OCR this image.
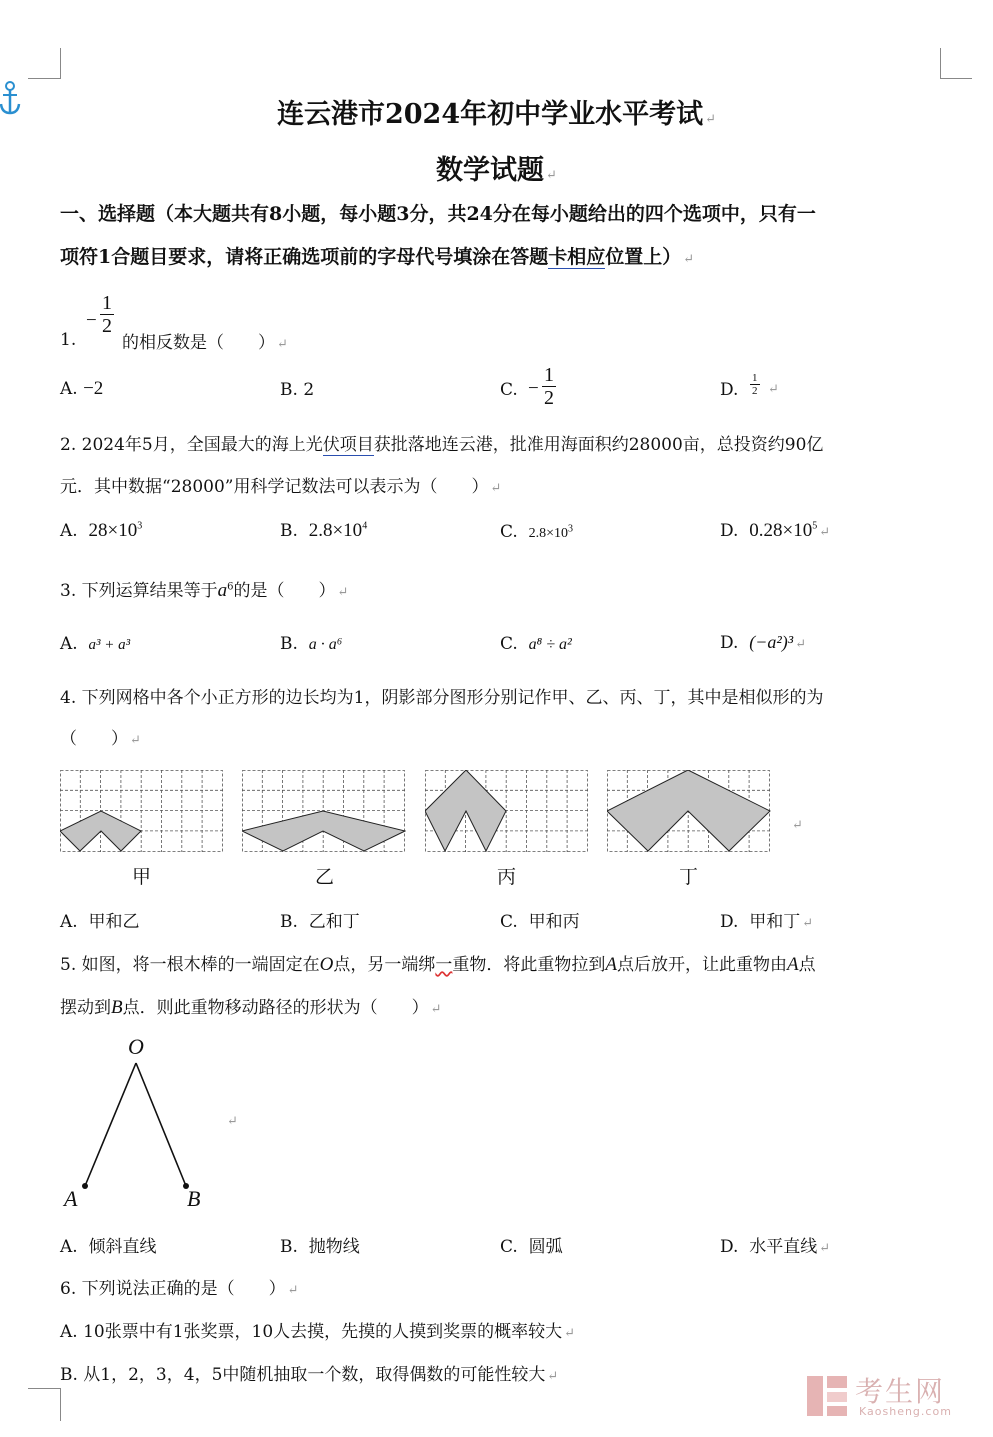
连云港市2024年初中学业水平考试 ↵
数学试题 ↵
一、选择题（本大题共有8小题，每小题3分，共24分在每小题给出的四个选项中，只有一
项符1合题目要求，请将正确选项前的字母代号填涂在答题卡相应位置上） ↵
1.
− $\frac{1}{2}$
的相反数是（　　） ↵
A. −2	B. 2	C. − $\frac{1}{2}$	D. $\frac{1}{2}$ ↵
2. 2024年5月，全国最大的海上光伏项目获批落地连云港，批准用海面积约28000亩，总投资约90亿
元．其中数据“28000”用科学记数法可以表示为（　　） ↵
A. $28\times 10^3$	B. $2.8\times 10^4$	C. $2.8\times 10^3$	D. $0.28\times 10^5$ ↵
3. 下列运算结果等于$a^6$的是（　　） ↵
A. a³ + a³	B. a · a⁶	C. a⁸ ÷ a²	D. (−a²)³ ↵
4. 下列网格中各个小正方形的边长均为1，阴影部分图形分别记作甲、乙、丙、丁，其中是相似形的为
（　　） ↵
↵
甲	乙	丙	丁
A. 甲和乙	B. 乙和丁	C. 甲和丙	D. 甲和丁 ↵
5. 如图，将一根木棒的一端固定在O点，另一端绑一重物．将此重物拉到A点后放开，让此重物由A点
摆动到B点．则此重物移动路径的形状为（　　） ↵
O
A	B
↵
A. 倾斜直线	B. 抛物线	C. 圆弧	D. 水平直线 ↵
6. 下列说法正确的是（　　） ↵
A. 10张票中有1张奖票，10人去摸，先摸的人摸到奖票的概率较大 ↵
B. 从1，2，3，4，5中随机抽取一个数，取得偶数的可能性较大 ↵	考生网
Kaosheng.com
